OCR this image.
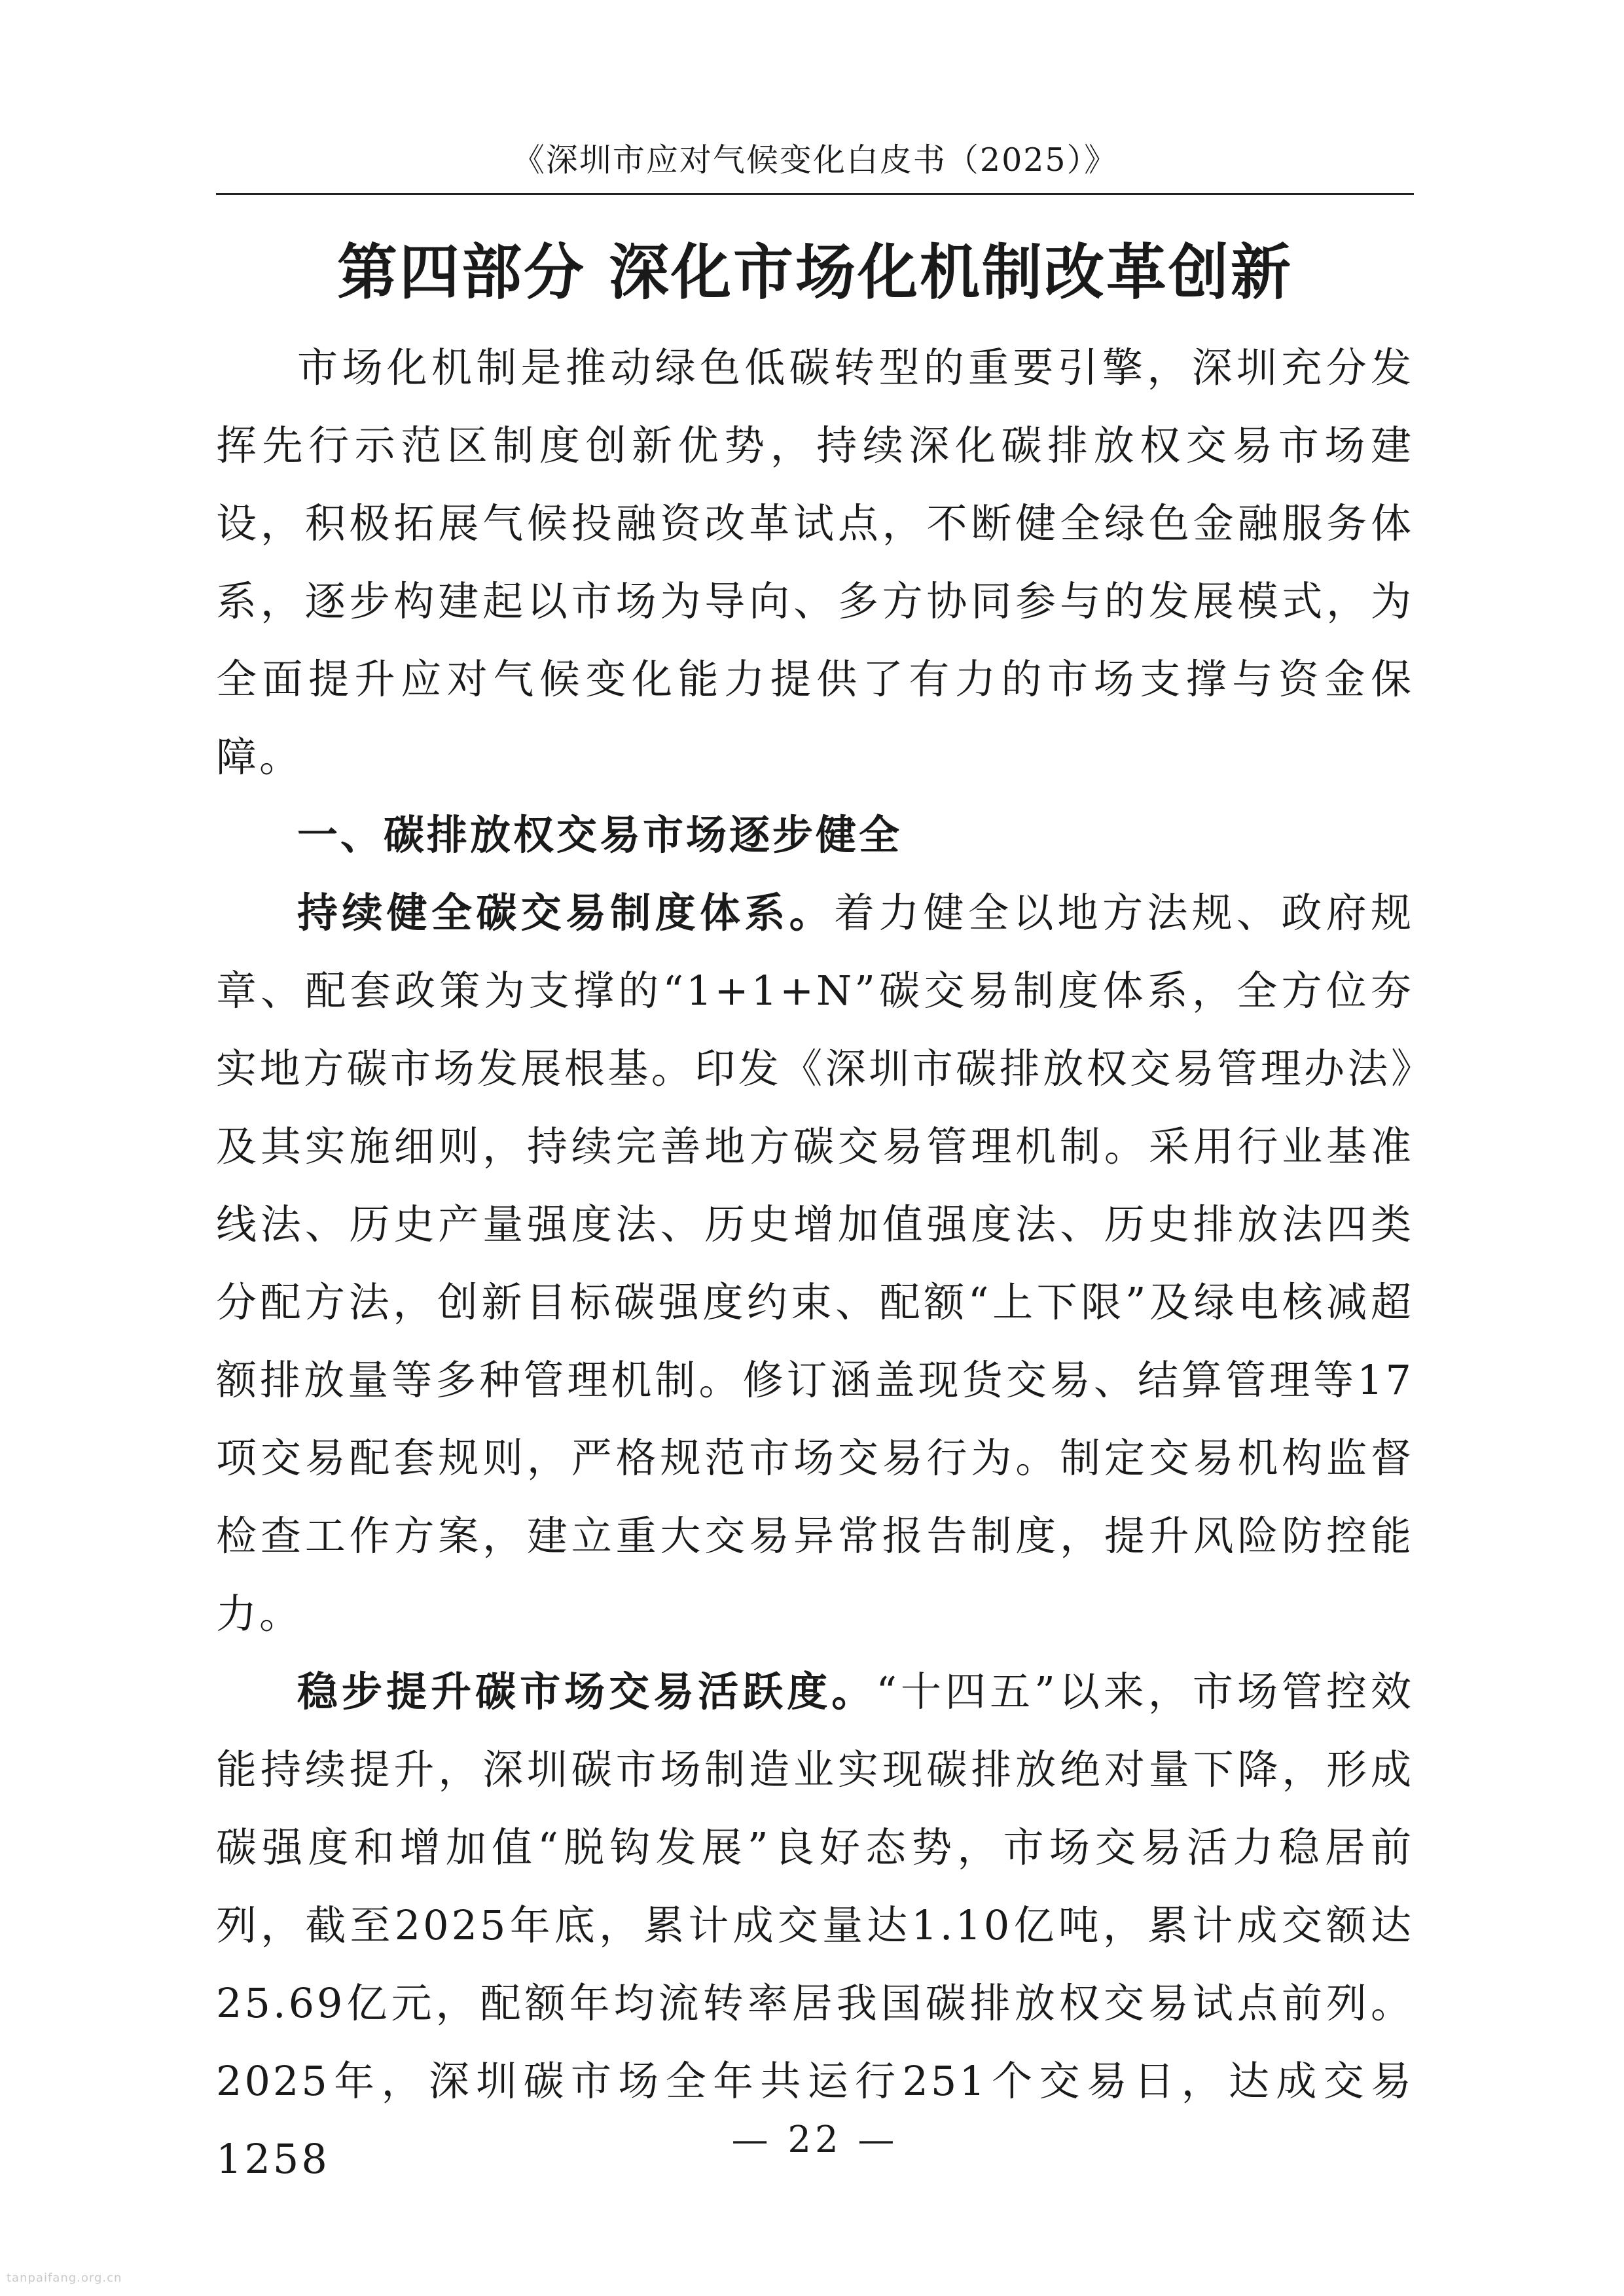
《深圳市应对气候变化白皮书（2025）》
第四部分 深化市场化机制改革创新

市场化机制是推动绿色低碳转型的重要引擎，深圳充分发挥先行示范区制度创新优势，持续深化碳排放权交易市场建设，积极拓展气候投融资改革试点，不断健全绿色金融服务体系，逐步构建起以市场为导向、多方协同参与的发展模式，为全面提升应对气候变化能力提供了有力的市场支撑与资金保障。

一、碳排放权交易市场逐步健全

持续健全碳交易制度体系。着力健全以地方法规、政府规章、配套政策为支撑的“1+1+N”碳交易制度体系，全方位夯实地方碳市场发展根基。印发《深圳市碳排放权交易管理办法》及其实施细则，持续完善地方碳交易管理机制。采用行业基准线法、历史产量强度法、历史增加值强度法、历史排放法四类分配方法，创新目标碳强度约束、配额“上下限”及绿电核减超额排放量等多种管理机制。修订涵盖现货交易、结算管理等17项交易配套规则，严格规范市场交易行为。制定交易机构监督检查工作方案，建立重大交易异常报告制度，提升风险防控能力。

稳步提升碳市场交易活跃度。“十四五”以来，市场管控效能持续提升，深圳碳市场制造业实现碳排放绝对量下降，形成碳强度和增加值“脱钩发展”良好态势，市场交易活力稳居前列，截至2025年底，累计成交量达1.10亿吨，累计成交额达25.69亿元，配额年均流转率居我国碳排放权交易试点前列。2025年，深圳碳市场全年共运行251个交易日，达成交易1258	— 22 —
tanpaifang.org.cn
